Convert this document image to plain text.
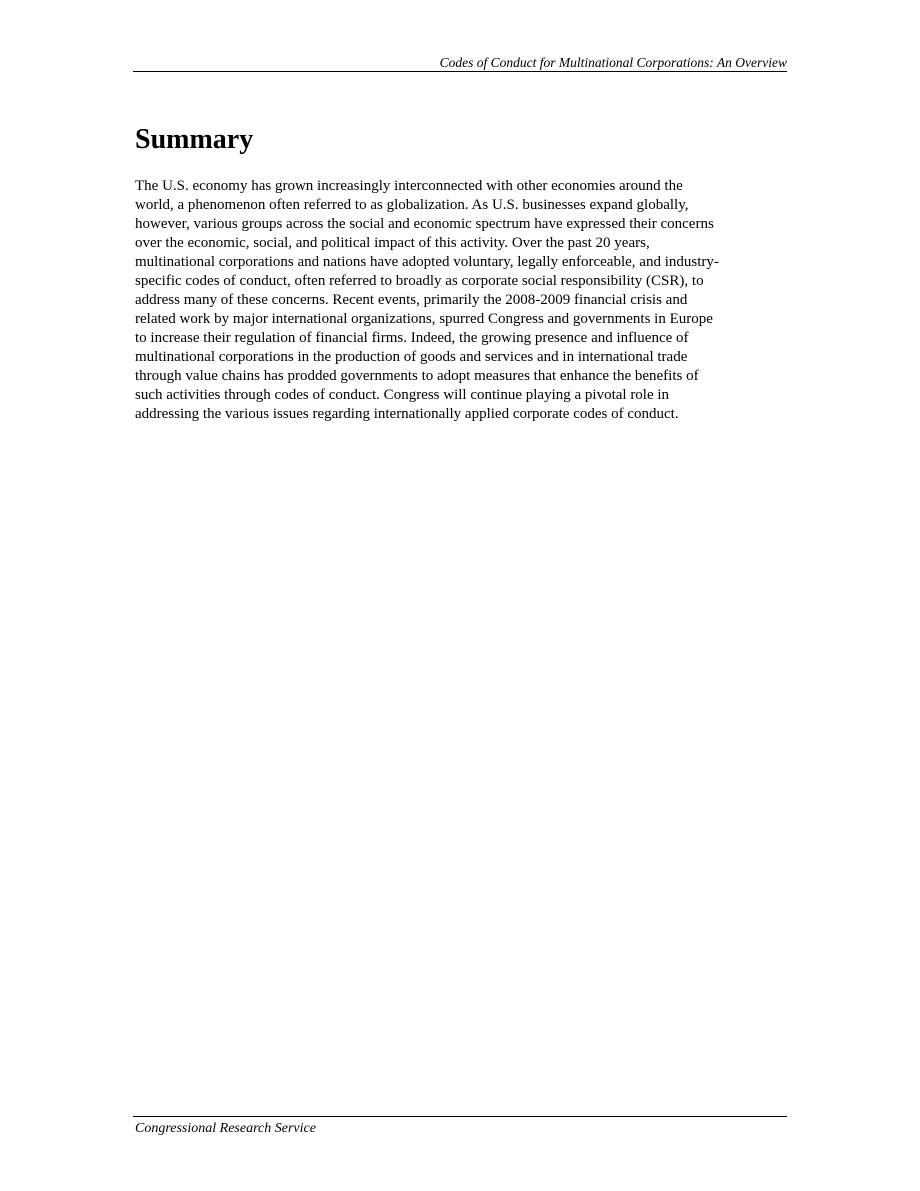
Codes of Conduct for Multinational Corporations: An Overview
Summary

The U.S. economy has grown increasingly interconnected with other economies around the
world, a phenomenon often referred to as globalization. As U.S. businesses expand globally,
however, various groups across the social and economic spectrum have expressed their concerns
over the economic, social, and political impact of this activity. Over the past 20 years,
multinational corporations and nations have adopted voluntary, legally enforceable, and industry-
specific codes of conduct, often referred to broadly as corporate social responsibility (CSR), to
address many of these concerns. Recent events, primarily the 2008-2009 financial crisis and
related work by major international organizations, spurred Congress and governments in Europe
to increase their regulation of financial firms. Indeed, the growing presence and influence of
multinational corporations in the production of goods and services and in international trade
through value chains has prodded governments to adopt measures that enhance the benefits of
such activities through codes of conduct. Congress will continue playing a pivotal role in
addressing the various issues regarding internationally applied corporate codes of conduct.

Congressional Research Service
